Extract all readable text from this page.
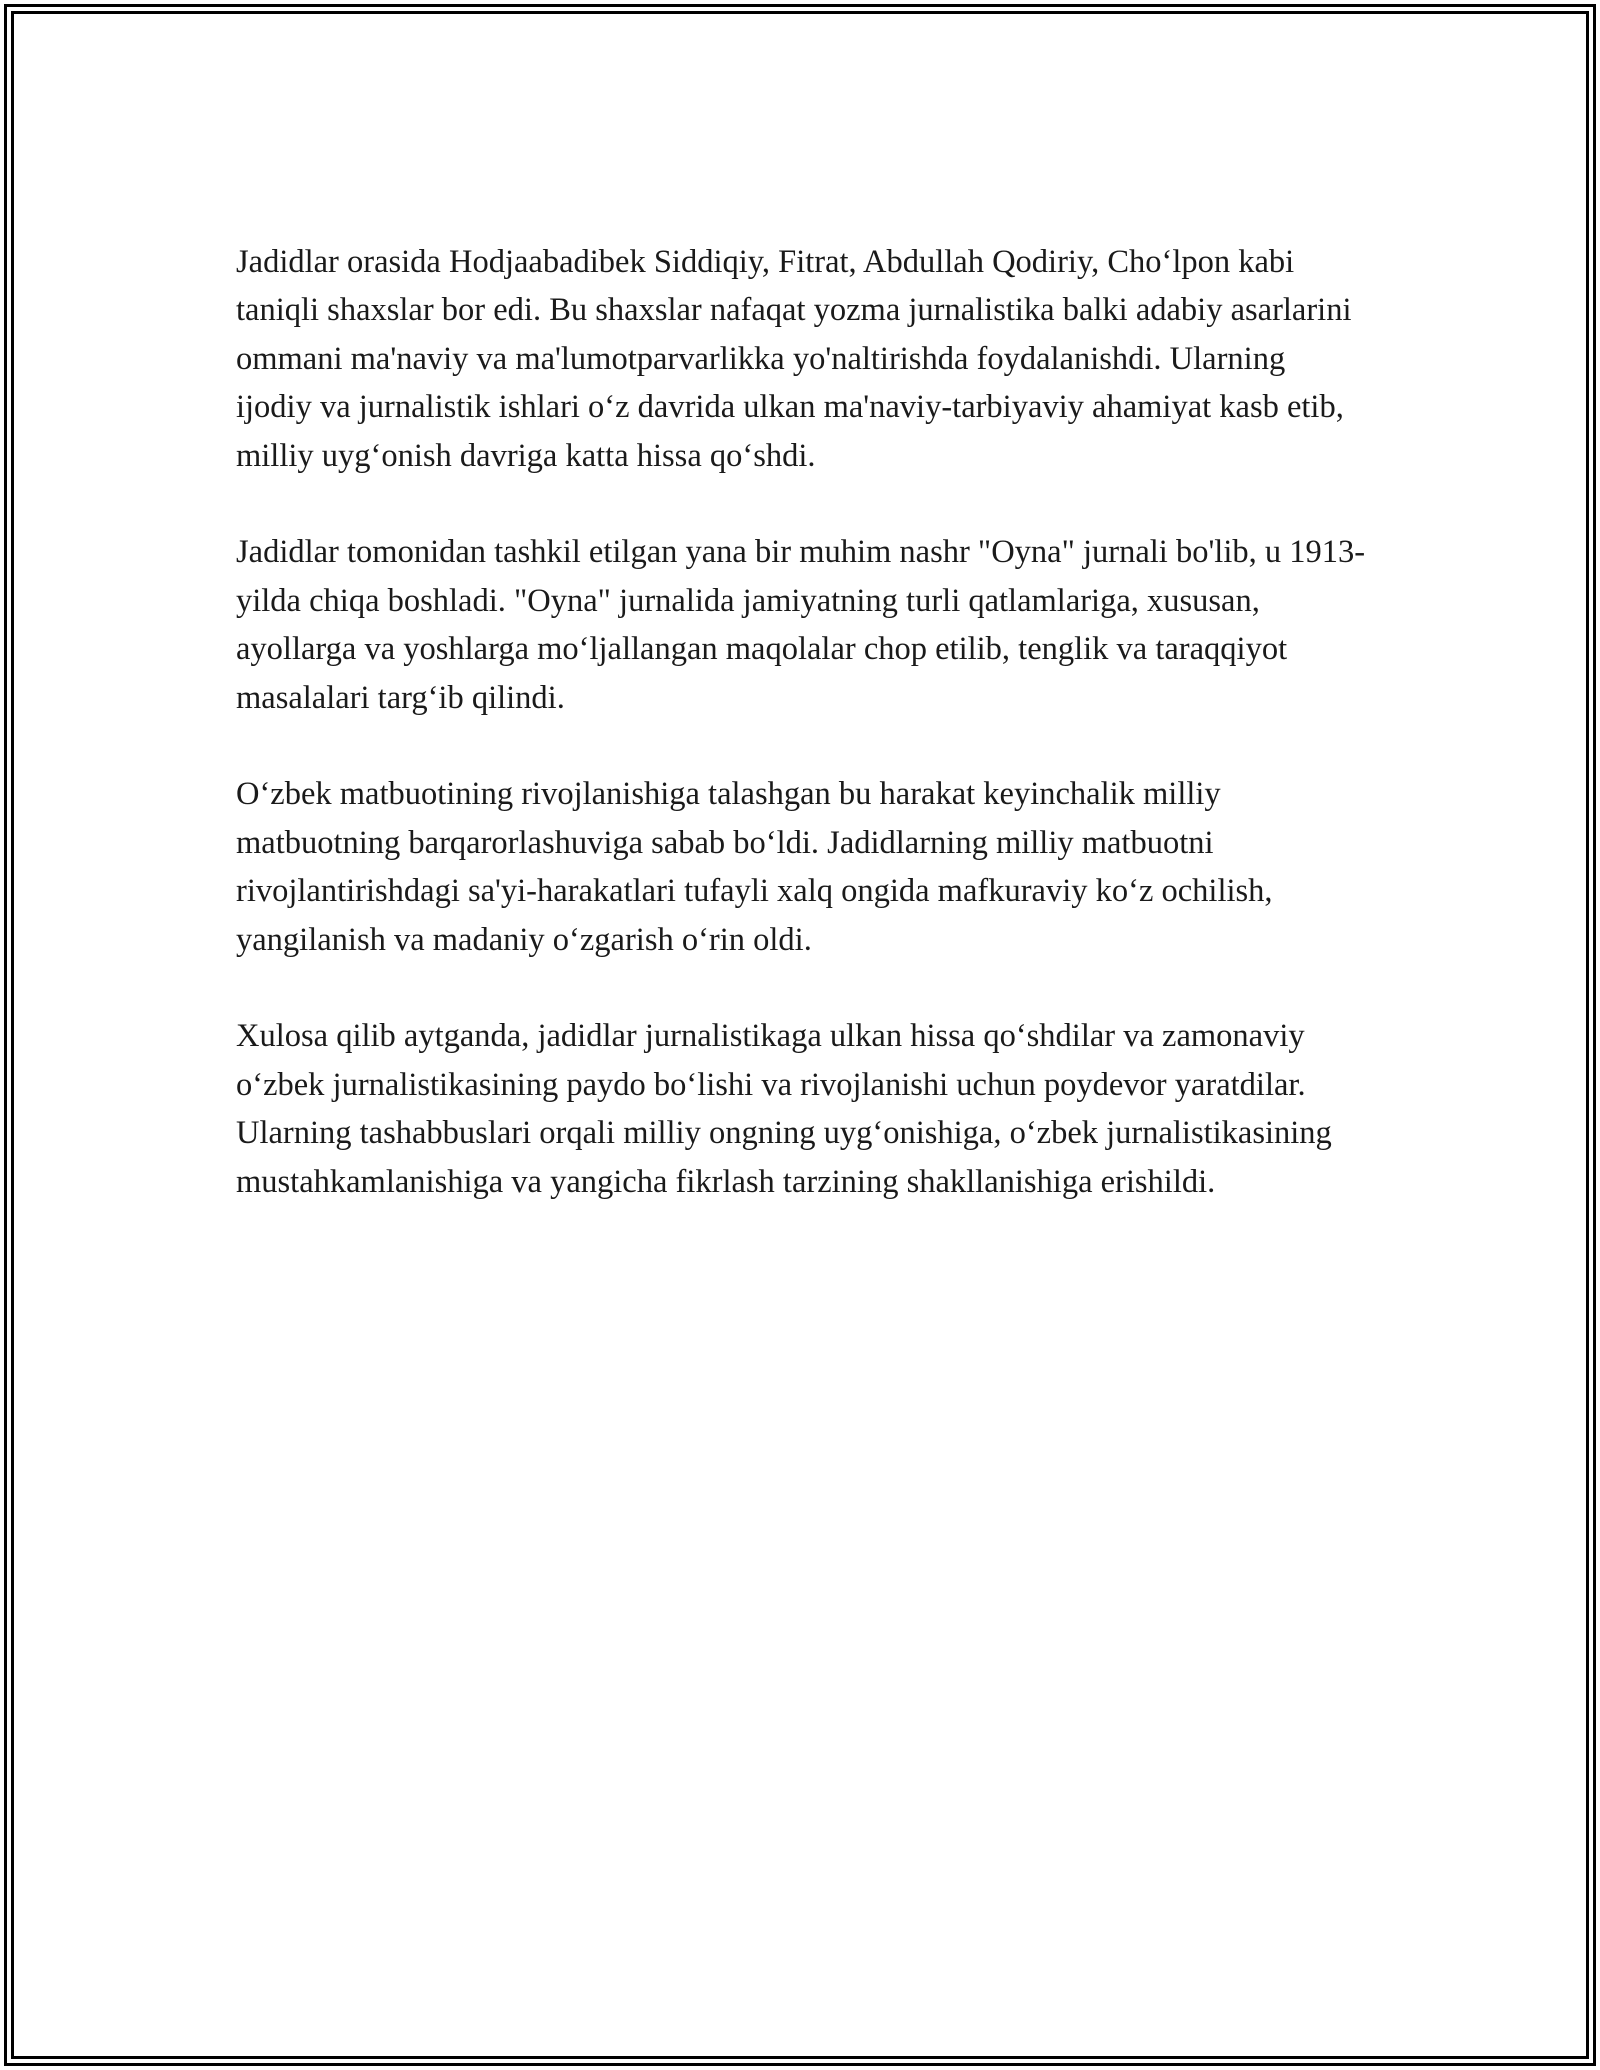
Jadidlar orasida Hodjaabadibek Siddiqiy, Fitrat, Abdullah Qodiriy, Cho‘lpon kabi taniqli shaxslar bor edi. Bu shaxslar nafaqat yozma jurnalistika balki adabiy asarlarini ommani ma'naviy va ma'lumotparvarlikka yo'naltirishda foydalanishdi. Ularning ijodiy va jurnalistik ishlari o‘z davrida ulkan ma'naviy-tarbiyaviy ahamiyat kasb etib, milliy uyg‘onish davriga katta hissa qo‘shdi.

Jadidlar tomonidan tashkil etilgan yana bir muhim nashr "Oyna" jurnali bo'lib, u 1913-yilda chiqa boshladi. "Oyna" jurnalida jamiyatning turli qatlamlariga, xususan, ayollarga va yoshlarga mo‘ljallangan maqolalar chop etilib, tenglik va taraqqiyot masalalari targ‘ib qilindi.

O‘zbek matbuotining rivojlanishiga talashgan bu harakat keyinchalik milliy matbuotning barqarorlashuviga sabab bo‘ldi. Jadidlarning milliy matbuotni rivojlantirishdagi sa'yi-harakatlari tufayli xalq ongida mafkuraviy ko‘z ochilish, yangilanish va madaniy o‘zgarish o‘rin oldi.

Xulosa qilib aytganda, jadidlar jurnalistikaga ulkan hissa qo‘shdilar va zamonaviy o‘zbek jurnalistikasining paydo bo‘lishi va rivojlanishi uchun poydevor yaratdilar. Ularning tashabbuslari orqali milliy ongning uyg‘onishiga, o‘zbek jurnalistikasining mustahkamlanishiga va yangicha fikrlash tarzining shakllanishiga erishildi.
